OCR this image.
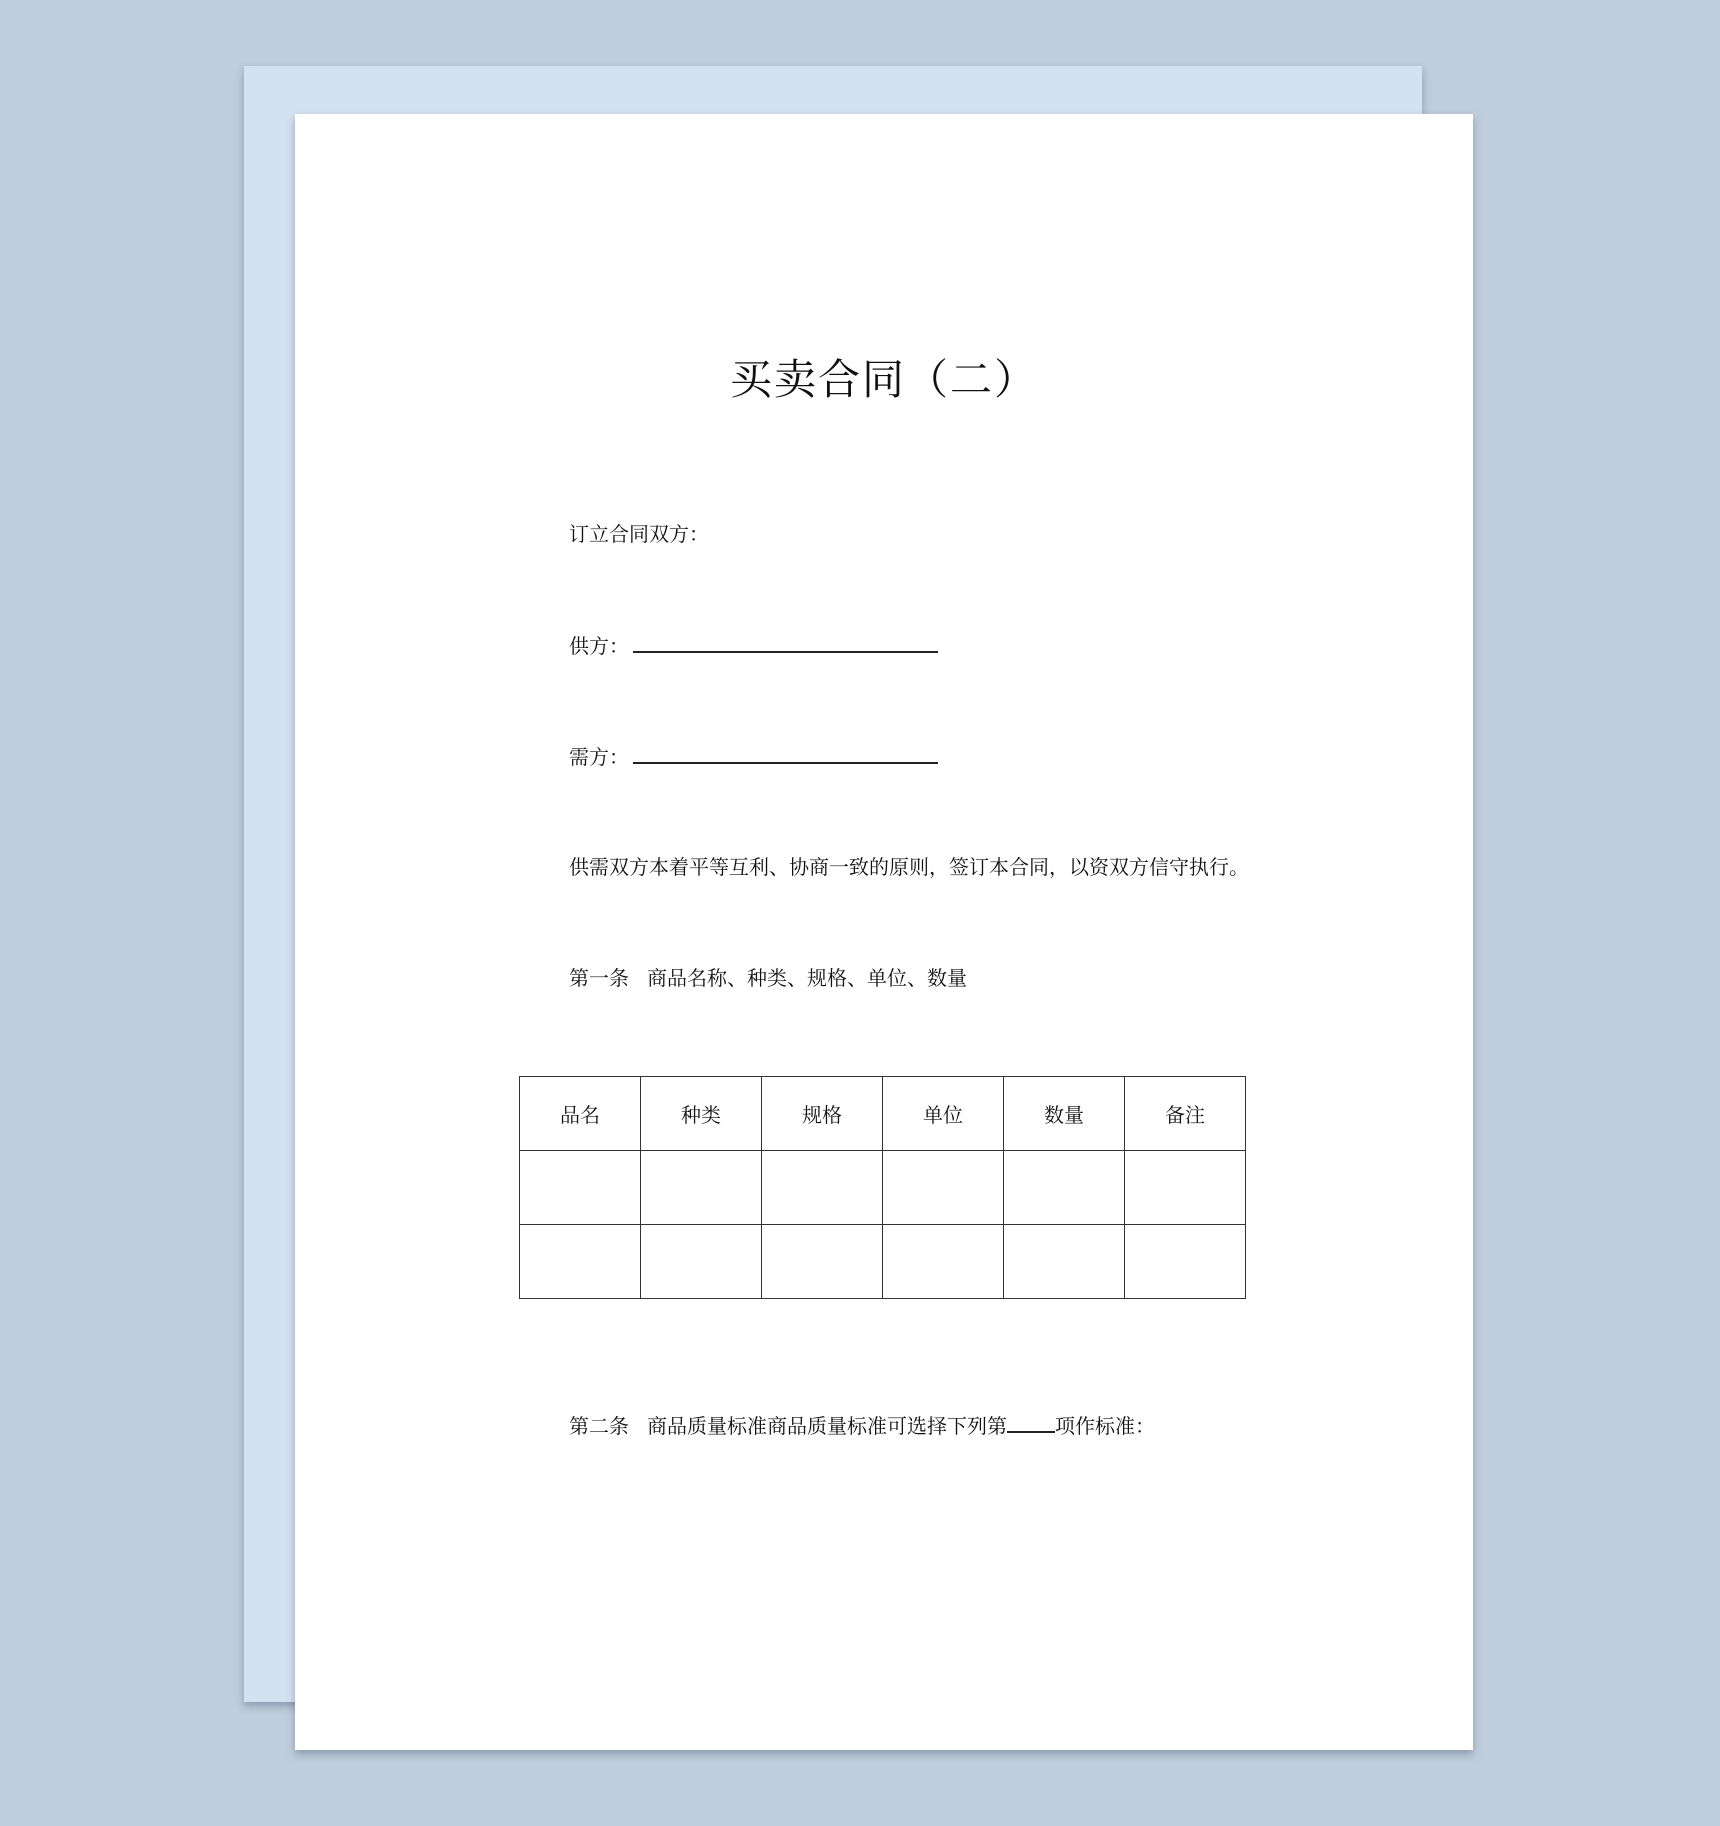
买卖合同（二）
订立合同双方：
供方：
需方：
供需双方本着平等互利、协商一致的原则，签订本合同，以资双方信守执行。
第一条 商品名称、种类、规格、单位、数量
品名	种类	规格	单位	数量	备注

第二条 商品质量标准商品质量标准可选择下列第 项作标准：
